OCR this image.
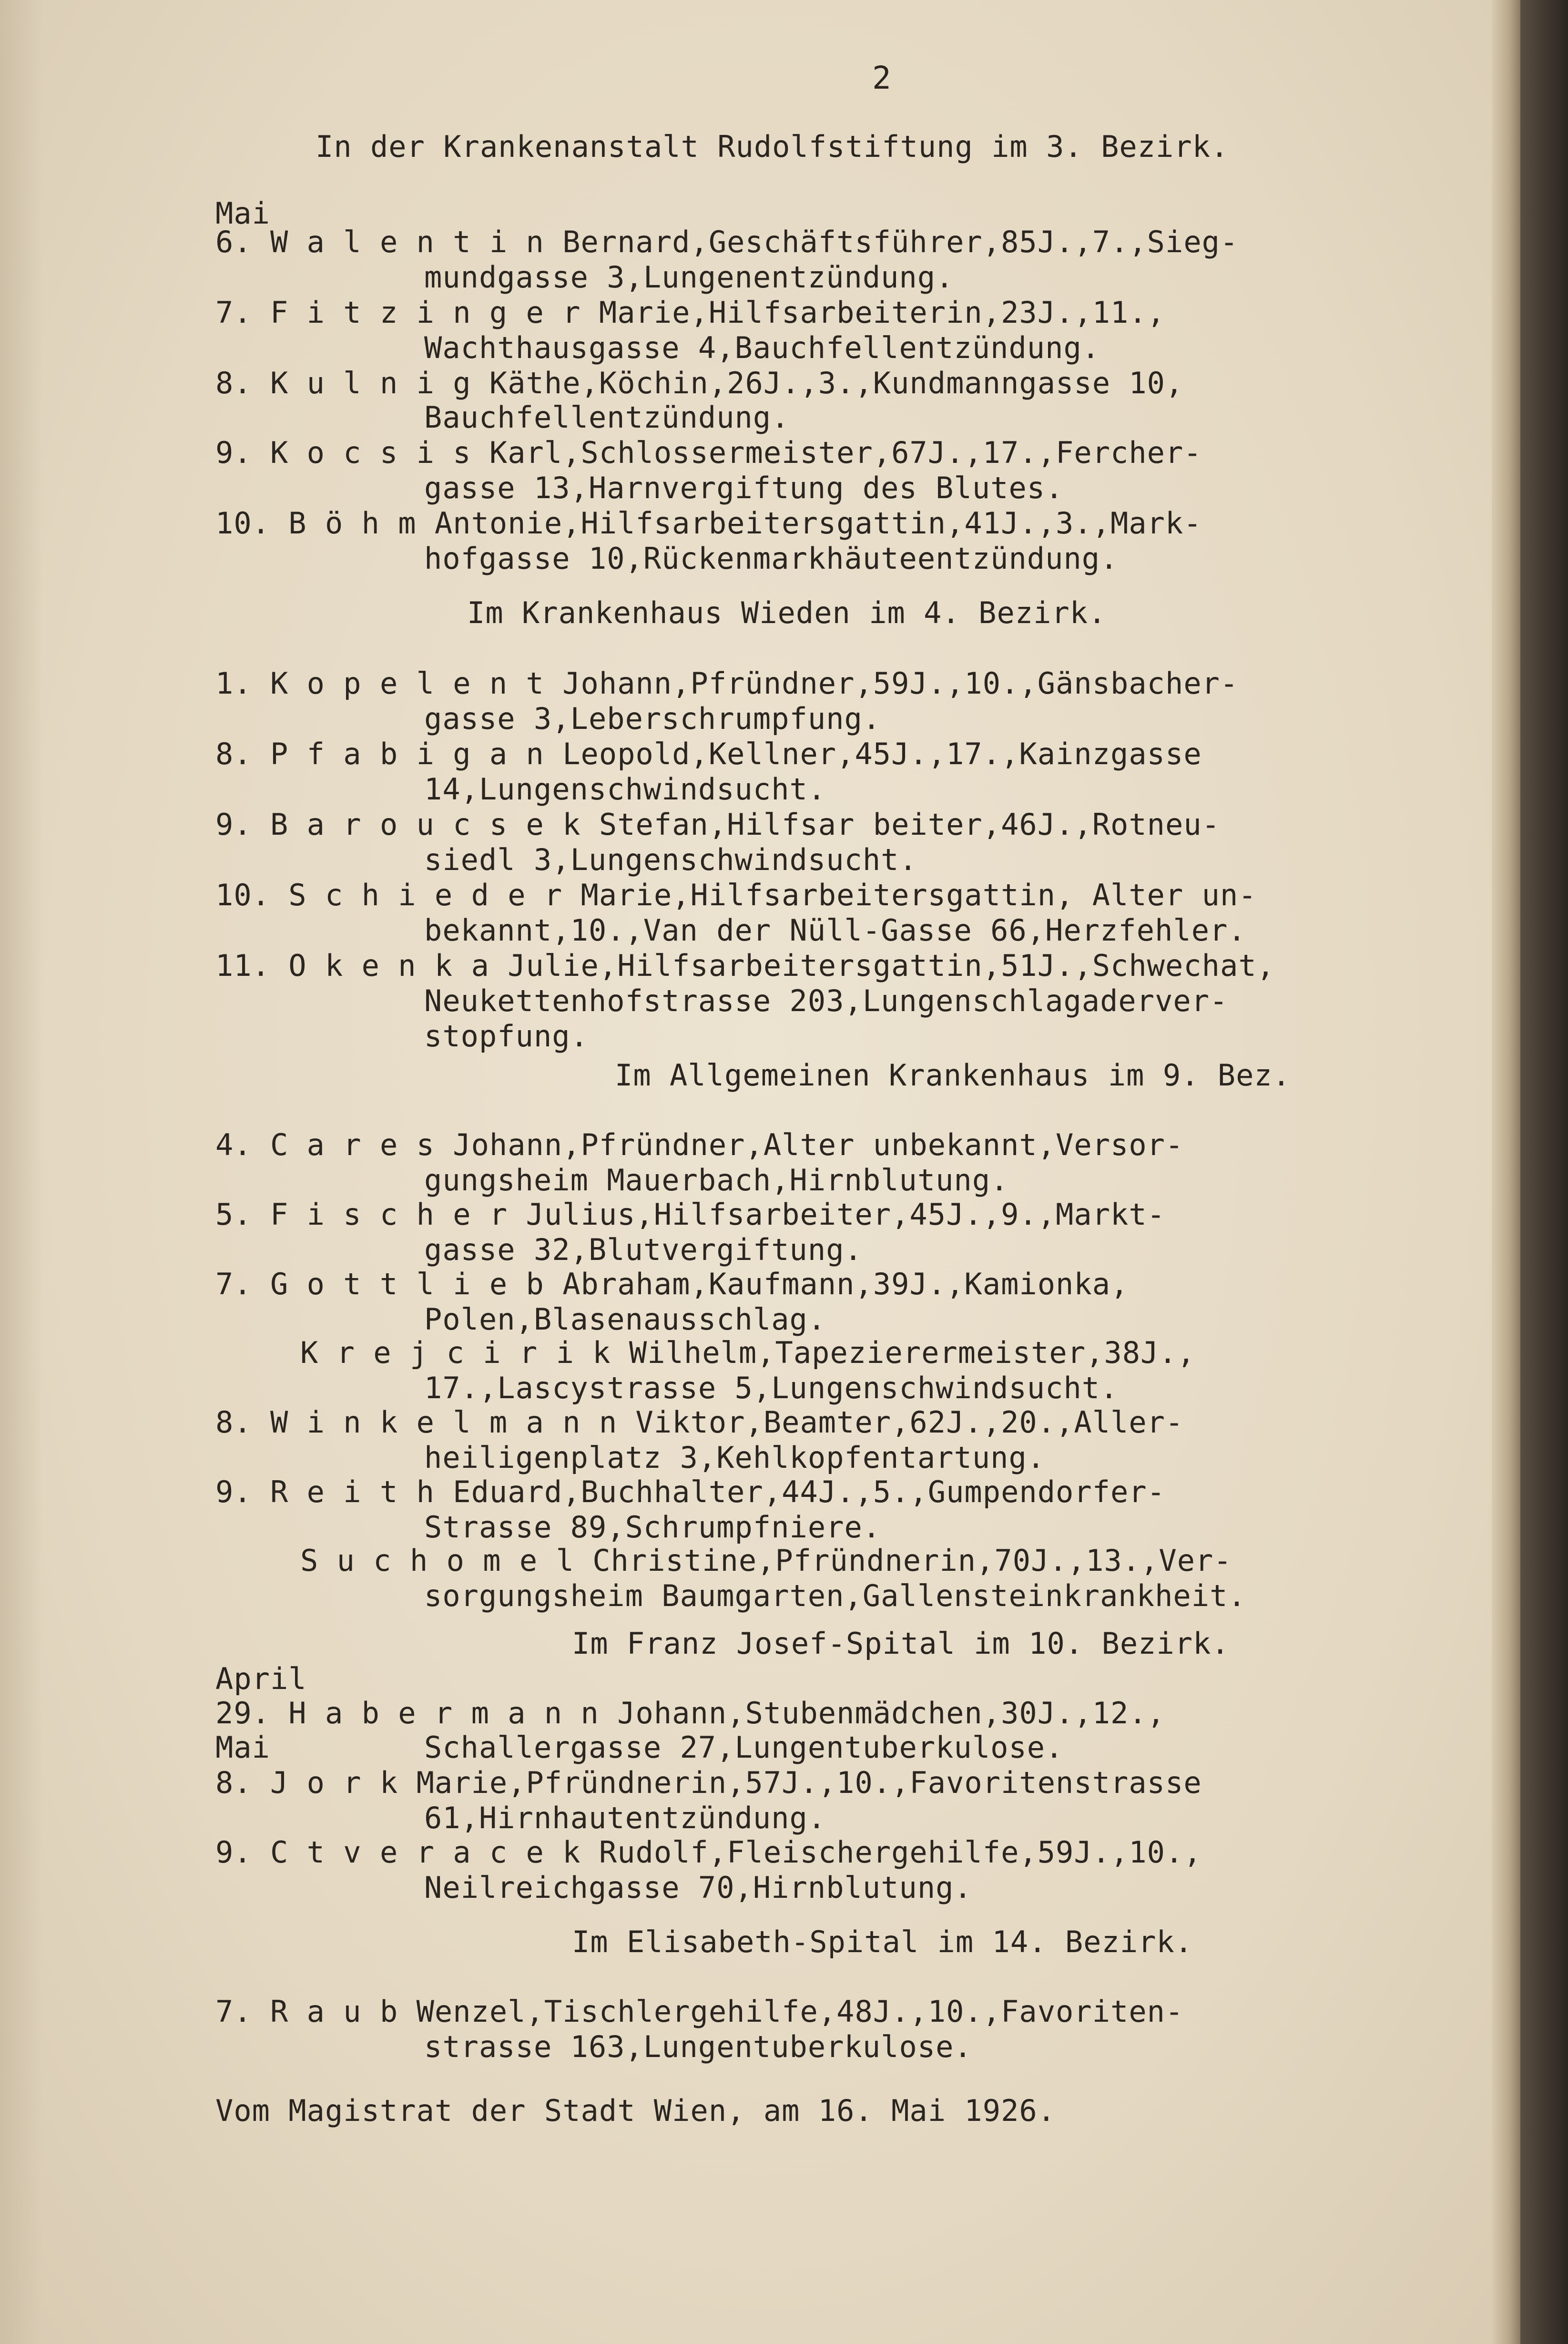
2
In der Krankenanstalt Rudolfstiftung im 3. Bezirk.
Mai
6. W a l e n t i n Bernard,Geschäftsführer,85J.,7.,Sieg-
mundgasse 3,Lungenentzündung.
7. F i t z i n g e r Marie,Hilfsarbeiterin,23J.,11.,
Wachthausgasse 4,Bauchfellentzündung.
8. K u l n i g Käthe,Köchin,26J.,3.,Kundmanngasse 10,
Bauchfellentzündung.
9. K o c s i s Karl,Schlossermeister,67J.,17.,Fercher-
gasse 13,Harnvergiftung des Blutes.
10. B ö h m Antonie,Hilfsarbeitersgattin,41J.,3.,Mark-
hofgasse 10,Rückenmarkhäuteentzündung.
Im Krankenhaus Wieden im 4. Bezirk.
1. K o p e l e n t Johann,Pfründner,59J.,10.,Gänsbacher-
gasse 3,Leberschrumpfung.
8. P f a b i g a n Leopold,Kellner,45J.,17.,Kainzgasse
14,Lungenschwindsucht.
9. B a r o u c s e k Stefan,Hilfsar beiter,46J.,Rotneu-
siedl 3,Lungenschwindsucht.
10. S c h i e d e r Marie,Hilfsarbeitersgattin, Alter un-
bekannt,10.,Van der Nüll-Gasse 66,Herzfehler.
11. O k e n k a Julie,Hilfsarbeitersgattin,51J.,Schwechat,
Neukettenhofstrasse 203,Lungenschlagaderver-
stopfung.
Im Allgemeinen Krankenhaus im 9. Bez.
4. C a r e s Johann,Pfründner,Alter unbekannt,Versor-
gungsheim Mauerbach,Hirnblutung.
5. F i s c h e r Julius,Hilfsarbeiter,45J.,9.,Markt-
gasse 32,Blutvergiftung.
7. G o t t l i e b Abraham,Kaufmann,39J.,Kamionka,
Polen,Blasenausschlag.
K r e j c i r i k Wilhelm,Tapezierermeister,38J.,
17.,Lascystrasse 5,Lungenschwindsucht.
8. W i n k e l m a n n Viktor,Beamter,62J.,20.,Aller-
heiligenplatz 3,Kehlkopfentartung.
9. R e i t h Eduard,Buchhalter,44J.,5.,Gumpendorfer-
Strasse 89,Schrumpfniere.
S u c h o m e l Christine,Pfründnerin,70J.,13.,Ver-
sorgungsheim Baumgarten,Gallensteinkrankheit.
Im Franz Josef-Spital im 10. Bezirk.
April
29. H a b e r m a n n Johann,Stubenmädchen,30J.,12.,
Mai	Schallergasse 27,Lungentuberkulose.
8. J o r k Marie,Pfründnerin,57J.,10.,Favoritenstrasse
61,Hirnhautentzündung.
9. C t v e r a c e k Rudolf,Fleischergehilfe,59J.,10.,
Neilreichgasse 70,Hirnblutung.
Im Elisabeth-Spital im 14. Bezirk.
7. R a u b Wenzel,Tischlergehilfe,48J.,10.,Favoriten-
strasse 163,Lungentuberkulose.
Vom Magistrat der Stadt Wien, am 16. Mai 1926.
